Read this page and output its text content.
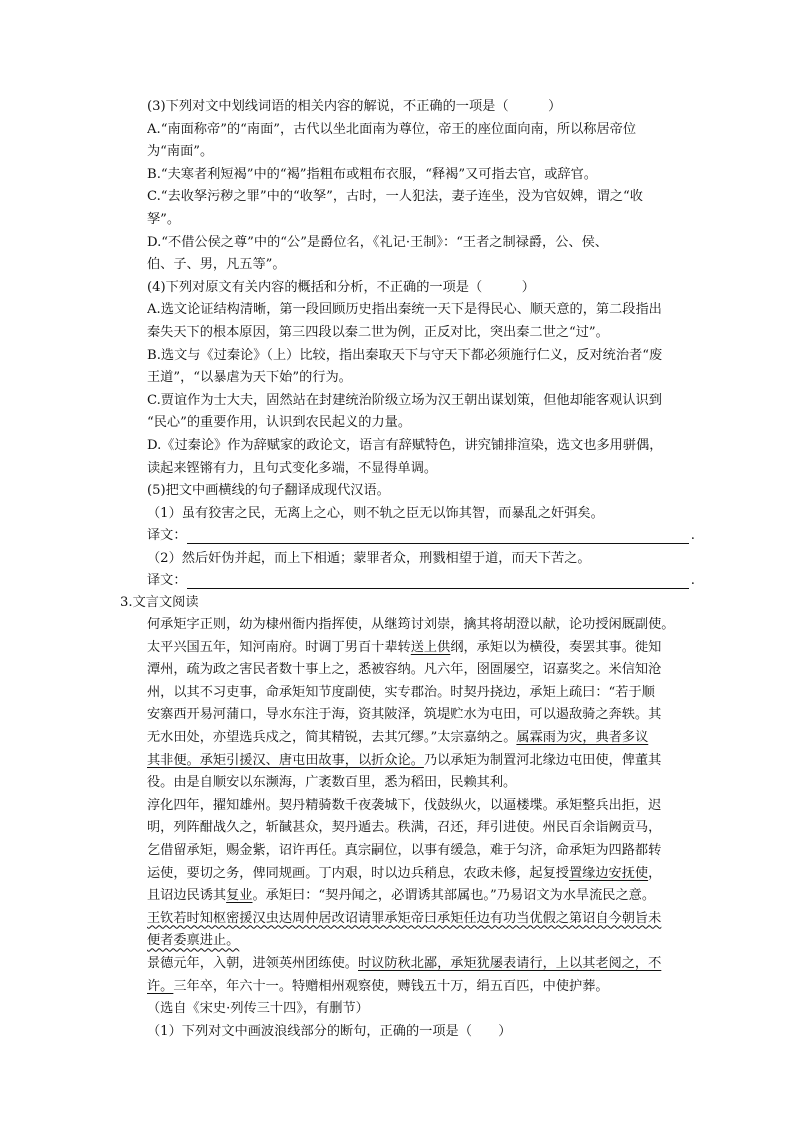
(3)下列对文中划线词语的相关内容的解说，不正确的一项是（　　　）
A.“南面称帝”的“南面”，古代以坐北面南为尊位，帝王的座位面向南，所以称居帝位
为“南面”。
B.“夫寒者利短褐”中的“褐”指粗布或粗布衣服，“释褐”又可指去官，或辞官。
C.“去收孥污秽之罪”中的“收孥”，古时，一人犯法，妻子连坐，没为官奴婢，谓之“收
孥”。
D.“不借公侯之尊”中的“公”是爵位名，《礼记·王制》：“王者之制禄爵，公、侯、
伯、子、男，凡五等”。
(4)下列对原文有关内容的概括和分析，不正确的一项是（　　　）
A.选文论证结构清晰，第一段回顾历史指出秦统一天下是得民心、顺天意的，第二段指出
秦失天下的根本原因，第三四段以秦二世为例，正反对比，突出秦二世之“过”。
B.选文与《过秦论》（上）比较，指出秦取天下与守天下都必须施行仁义，反对统治者“废
王道”，“以暴虐为天下始”的行为。
C.贾谊作为士大夫，固然站在封建统治阶级立场为汉王朝出谋划策，但他却能客观认识到
“民心”的重要作用，认识到农民起义的力量。
D.《过秦论》作为辞赋家的政论文，语言有辞赋特色，讲究铺排渲染，选文也多用骈偶，
读起来铿锵有力，且句式变化多端，不显得单调。
(5)把文中画横线的句子翻译成现代汉语。
（1）虽有狡害之民，无离上之心，则不轨之臣无以饰其智，而暴乱之奸弭矣。
译文：	.
（2）然后奸伪并起，而上下相遁；蒙罪者众，刑戮相望于道，而天下苦之。
译文：	.
3.文言文阅读
何承矩字正则，幼为棣州衙内指挥使，从继筠讨刘崇，擒其将胡澄以献，论功授闲厩副使。
太平兴国五年，知河南府。时调丁男百十辈转送上供纲，承矩以为横役，奏罢其事。徙知
潭州，疏为政之害民者数十事上之，悉被容纳。凡六年，囹圄屡空，诏嘉奖之。米信知沧
州，以其不习吏事，命承矩知节度副使，实专郡治。时契丹挠边，承矩上疏曰：“若于顺
安寨西开易河蒲口，导水东注于海，资其陂泽，筑堤贮水为屯田，可以遏敌骑之奔轶。其
无水田处，亦望选兵戍之，简其精锐，去其冗缪。”太宗嘉纳之。属霖雨为灾，典者多议
其非便。承矩引援汉、唐屯田故事，以折众论。乃以承矩为制置河北缘边屯田使，俾董其
役。由是自顺安以东濒海，广袤数百里，悉为稻田，民赖其利。
淳化四年，擢知雄州。契丹精骑数千夜袭城下，伐鼓纵火，以逼楼堞。承矩整兵出拒，迟
明，列阵酣战久之，斩馘甚众，契丹遁去。秩满，召还，拜引进使。州民百余诣阙贡马，
乞借留承矩，赐金紫，诏许再任。真宗嗣位，以事有缓急，难于匀济，命承矩为四路都转
运使，要切之务，俾同规画。丁内艰，时以边兵稍息，农政未修，起复授置缘边安抚使，
且诏边民诱其复业。承矩曰：“契丹闻之，必谓诱其部属也。”乃易诏文为水旱流民之意。
王钦若时知枢密援汉虫达周仲居改诏请罪承矩帝曰承矩任边有功当优假之第诏自今朝旨未
便者委禀进止。
景德元年，入朝，进领英州团练使。时议防秋北鄙，承矩犹屡表请行，上以其老阅之，不
许。三年卒，年六十一。特赠相州观察使，赙钱五十万，绢五百匹，中使护葬。
（选自《宋史·列传三十四》，有删节）
（1）下列对文中画波浪线部分的断句，正确的一项是（　　）
